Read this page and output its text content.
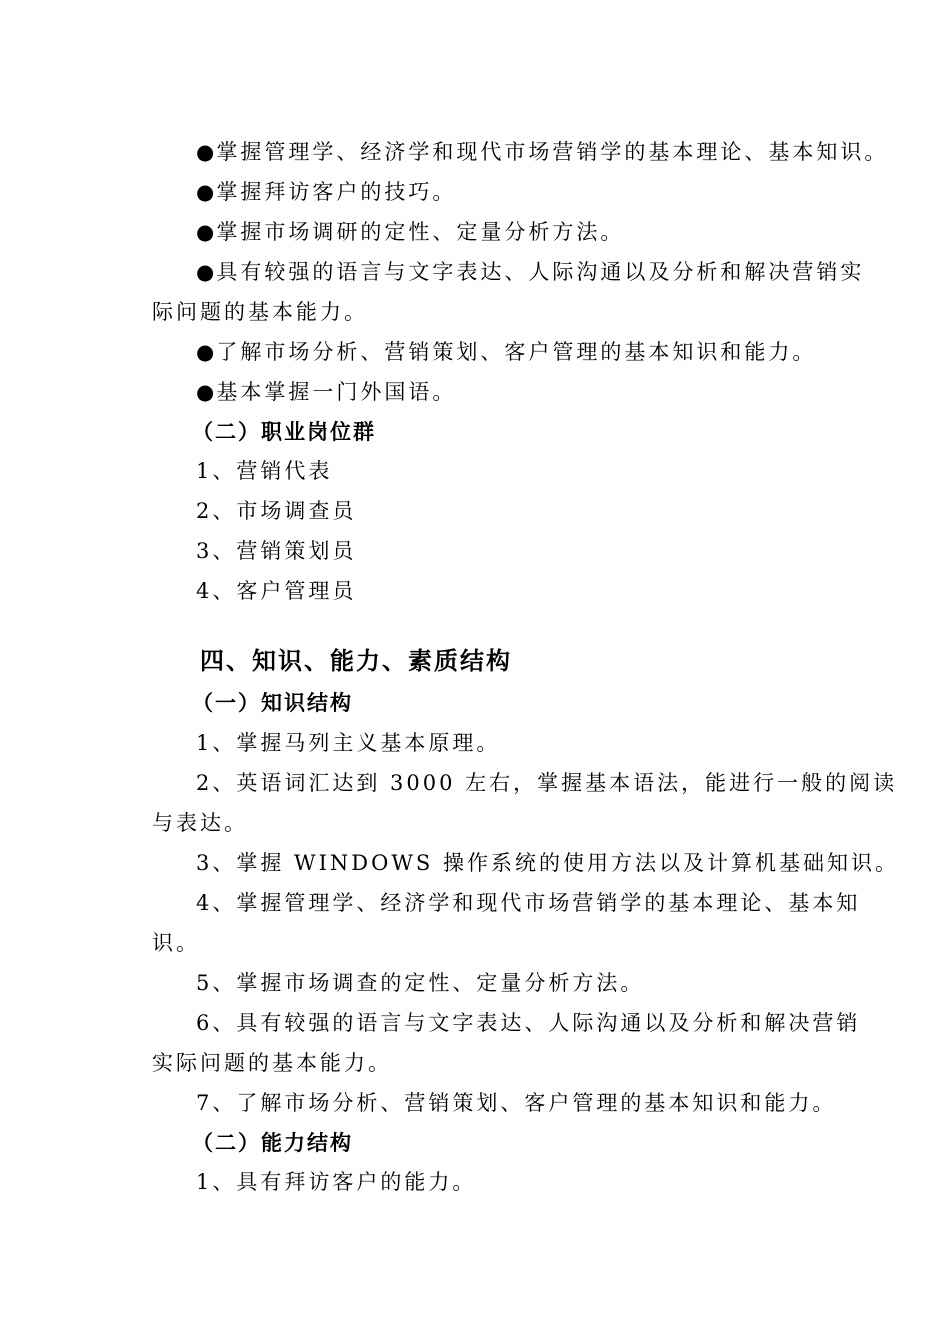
●掌握管理学、经济学和现代市场营销学的基本理论、基本知识。

●掌握拜访客户的技巧。

●掌握市场调研的定性、定量分析方法。

●具有较强的语言与文字表达、人际沟通以及分析和解决营销实

际问题的基本能力。

●了解市场分析、营销策划、客户管理的基本知识和能力。

●基本掌握一门外国语。

（二）职业岗位群

1、营销代表

2、市场调查员

3、营销策划员

4、客户管理员

四、知识、能力、素质结构

（一）知识结构

1、掌握马列主义基本原理。

2、英语词汇达到 3000 左右，掌握基本语法，能进行一般的阅读

与表达。

3、掌握 WINDOWS 操作系统的使用方法以及计算机基础知识。

4、掌握管理学、经济学和现代市场营销学的基本理论、基本知

识。

5、掌握市场调查的定性、定量分析方法。

6、具有较强的语言与文字表达、人际沟通以及分析和解决营销

实际问题的基本能力。

7、了解市场分析、营销策划、客户管理的基本知识和能力。

（二）能力结构

1、具有拜访客户的能力。
